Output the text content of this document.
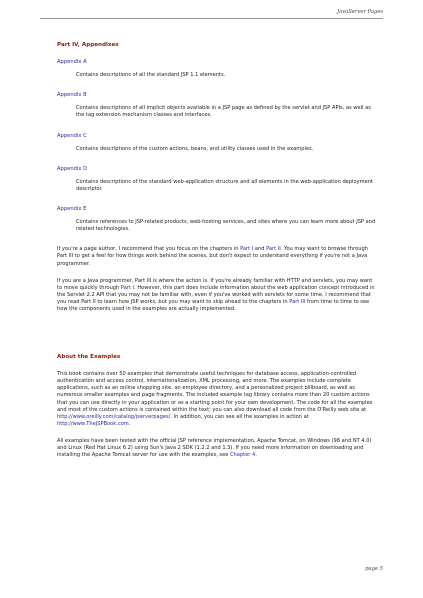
JavaServer Pages
Part IV, Appendixes
Appendix A
Contains descriptions of all the standard JSP 1.1 elements.
Appendix B
Contains descriptions of all implicit objects available in a JSP page as defined by the servlet and JSP APIs, as well as the tag extension mechanism classes and interfaces.
Appendix C
Contains descriptions of the custom actions, beans, and utility classes used in the examples.
Appendix D
Contains descriptions of the standard web-application structure and all elements in the web-application deployment descriptor.
Appendix E
Contains references to JSP-related products, web-hosting services, and sites where you can learn more about JSP and related technologies.

If you're a page author, I recommend that you focus on the chapters in Part I and Part II. You may want to browse through Part III to get a feel for how things work behind the scenes, but don't expect to understand everything if you're not a Java programmer.

If you are a Java programmer, Part III is where the action is. If you're already familiar with HTTP and servlets, you may want to move quickly through Part I. However, this part does include information about the web application concept introduced in the Servlet 2.2 API that you may not be familiar with, even if you've worked with servlets for some time. I recommend that you read Part II to learn how JSP works, but you may want to skip ahead to the chapters in Part III from time to time to see how the components used in the examples are actually implemented.

About the Examples

This book contains over 50 examples that demonstrate useful techniques for database access, application-controlled authentication and access control, internationalization, XML processing, and more. The examples include complete applications, such as an online shopping site, an employee directory, and a personalized project billboard, as well as numerous smaller examples and page fragments. The included example tag library contains more than 20 custom actions that you can use directly in your application or as a starting point for your own development. The code for all the examples and most of the custom actions is contained within the text; you can also download all code from the O'Reilly web site at http://www.oreilly.com/catalog/jserverpages/. In addition, you can see all the examples in action at http://www.TheJSPBook.com.

All examples have been tested with the official JSP reference implementation, Apache Tomcat, on Windows (98 and NT 4.0) and Linux (Red Hat Linux 6.2) using Sun's Java 2 SDK (1.2.2 and 1.3). If you need more information on downloading and installing the Apache Tomcat server for use with the examples, see Chapter 4.

page 5
